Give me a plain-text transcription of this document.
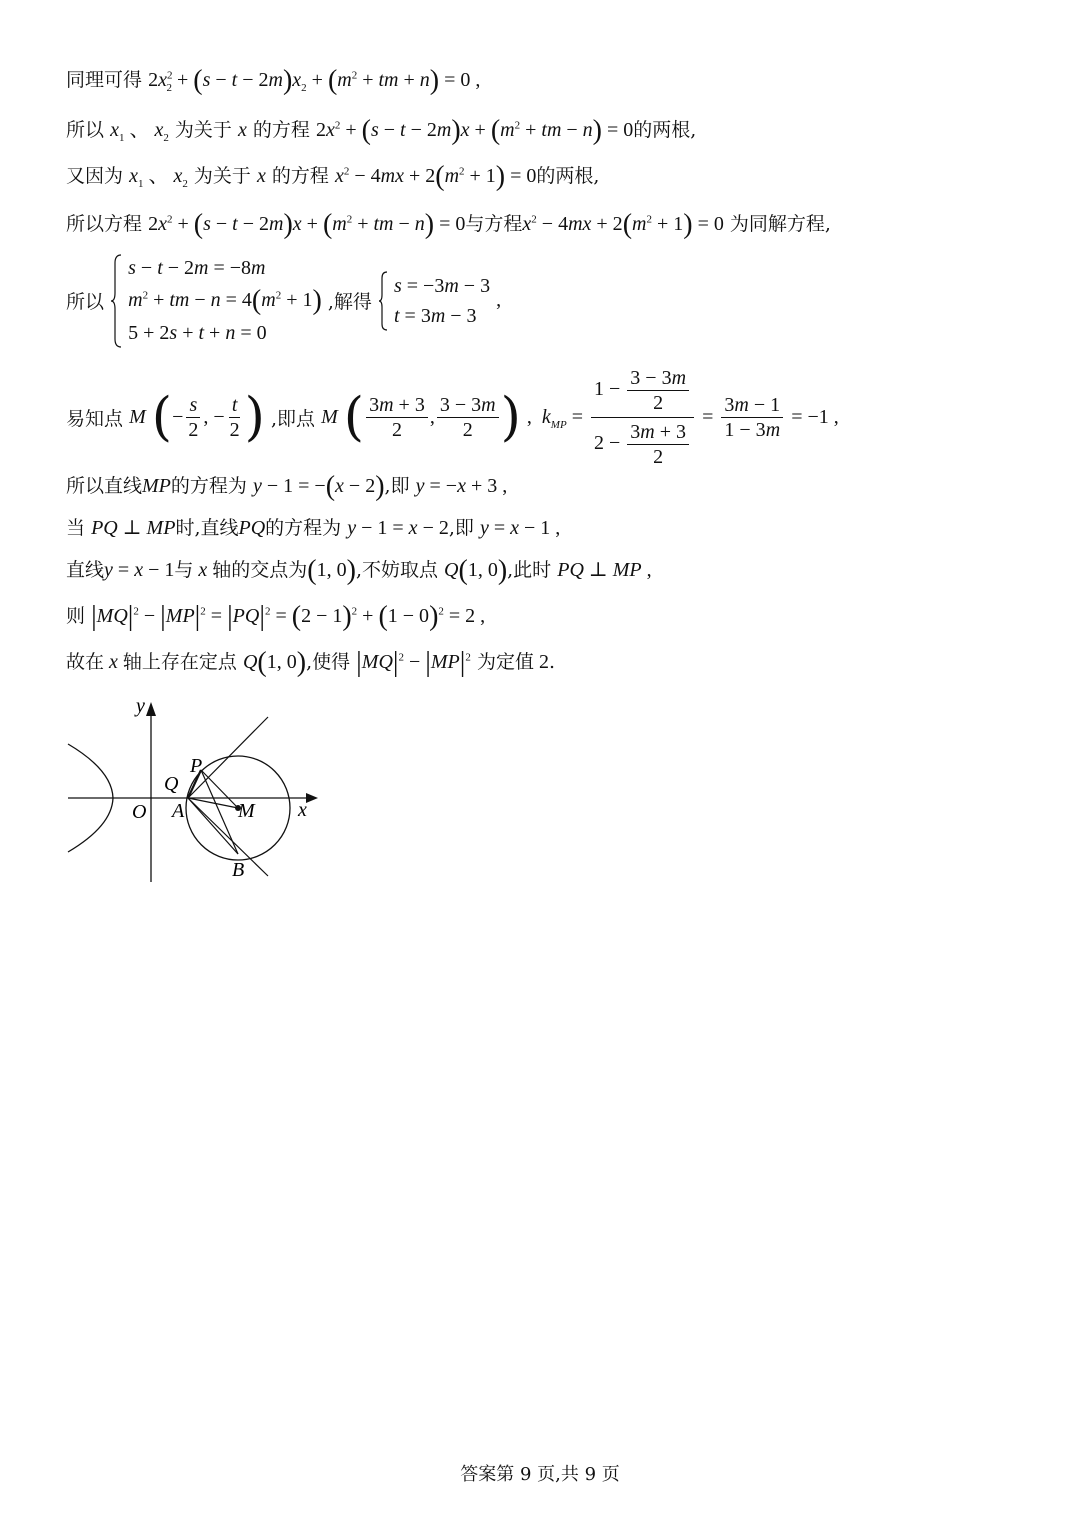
同理可得 $2x^2_2 + (s - t - 2m)x_2 + (m^2$ + tm + n) = 0 ,
所以 $x_1$ 、 $x_2$ 为关于 x 的方程 $2x^2 + (s - t - 2m)x + (m^2$ + tm − n) = 0的两根,
又因为 $x_1$ 、 $x_2$ 为关于 x 的方程 $x^2 - 4mx + 2(m^2 + 1) = 0$的两根,
所以方程 $2x^2 + (s - t - 2m)x + (m^2$ + tm − n) = 0与方程$x^2 - 4mx + 2(m^2 + 1) = 0$ 为同解方程,
所以
s − t − 2m = −8m
$m^2$ + tm − $n = 4(m^2 + 1)$
5 + 2s + t + n = 0
,解得
s = −3m − 3
t = 3m − 3
,
易知点 M (− $\frac{s}{2}$ , − $\frac{t}{2}$ ) ,即点 M ( $\frac{3m + 3}{2}$ , $\frac{3 - 3m}{2}$ ) ,  $k_{MP} = \frac{1 - \frac{3 - 3m}{2}}{2 - \frac{3m + 3}{2}} = \frac{3m - 1}{1 - 3m} = -1$ ,
所以直线MP的方程为 y − 1 = −(x − 2),即 y = −x + 3 ,
当 PQ ⊥ MP时,直线PQ的方程为 y − 1 = x − 2,即 y = x − 1 ,
直线y = x − 1与 x 轴的交点为(1, 0),不妨取点 Q(1, 0),此时 PQ ⊥ MP ,
则 $|MQ|^2 - |MP|^2 = |PQ|^2 = (2 - 1)^2 + (1 - 0)^2 = 2$ ,
故在 x 轴上存在定点 Q(1, 0),使得 $|MQ|^2 - |MP|^2$ 为定值 2.
y
x
O
Q
P
A	M
B
答案第 9 页,共 9 页
